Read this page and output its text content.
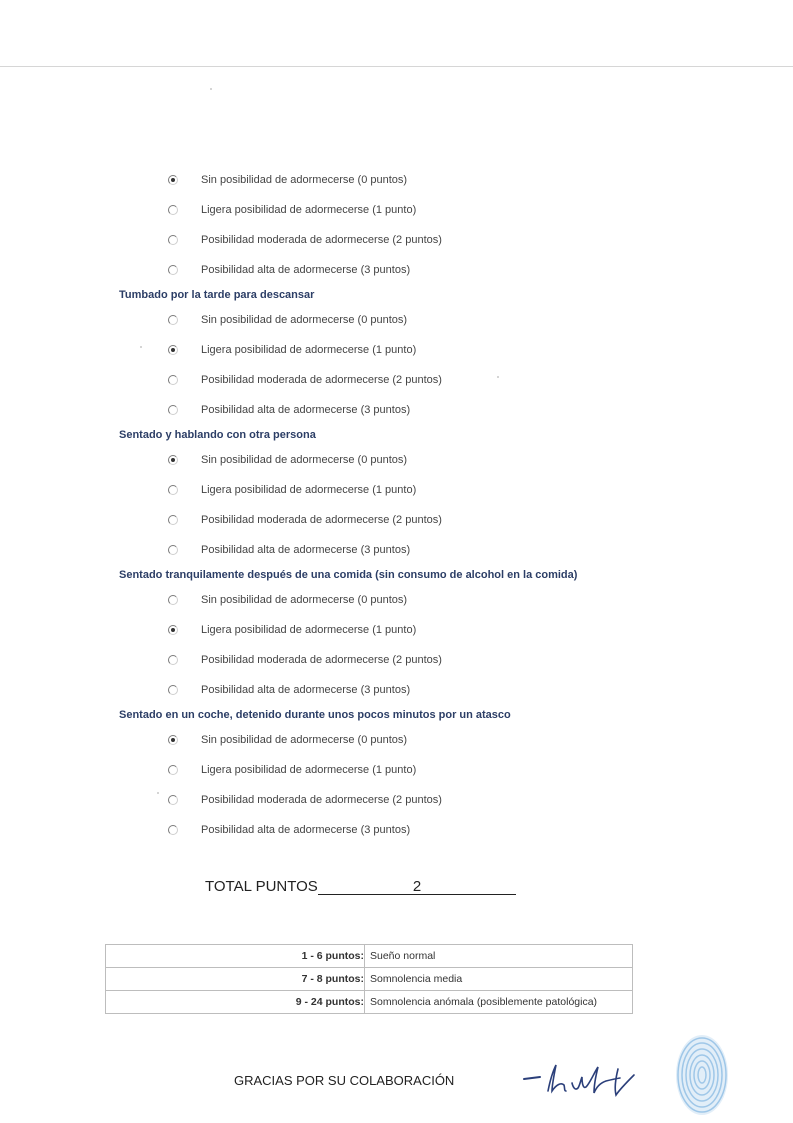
Sin posibilidad de adormecerse (0 puntos)
Ligera posibilidad de adormecerse (1 punto)
Posibilidad moderada de adormecerse (2 puntos)
Posibilidad alta de adormecerse (3 puntos)
Tumbado por la tarde para descansar
Sin posibilidad de adormecerse (0 puntos)
Ligera posibilidad de adormecerse (1 punto)
Posibilidad moderada de adormecerse (2 puntos)
Posibilidad alta de adormecerse (3 puntos)
Sentado y hablando con otra persona
Sin posibilidad de adormecerse (0 puntos)
Ligera posibilidad de adormecerse (1 punto)
Posibilidad moderada de adormecerse (2 puntos)
Posibilidad alta de adormecerse (3 puntos)
Sentado tranquilamente después de una comida (sin consumo de alcohol en la comida)
Sin posibilidad de adormecerse (0 puntos)
Ligera posibilidad de adormecerse (1 punto)
Posibilidad moderada de adormecerse (2 puntos)
Posibilidad alta de adormecerse (3 puntos)
Sentado en un coche, detenido durante unos pocos minutos por un atasco
Sin posibilidad de adormecerse (0 puntos)
Ligera posibilidad de adormecerse (1 punto)
Posibilidad moderada de adormecerse (2 puntos)
Posibilidad alta de adormecerse (3 puntos)
TOTAL PUNTOS	2
1 - 6 puntos:	Sueño normal
7 - 8 puntos:	Somnolencia media
9 - 24 puntos:	Somnolencia anómala (posiblemente patológica)
GRACIAS POR SU COLABORACIÓN
